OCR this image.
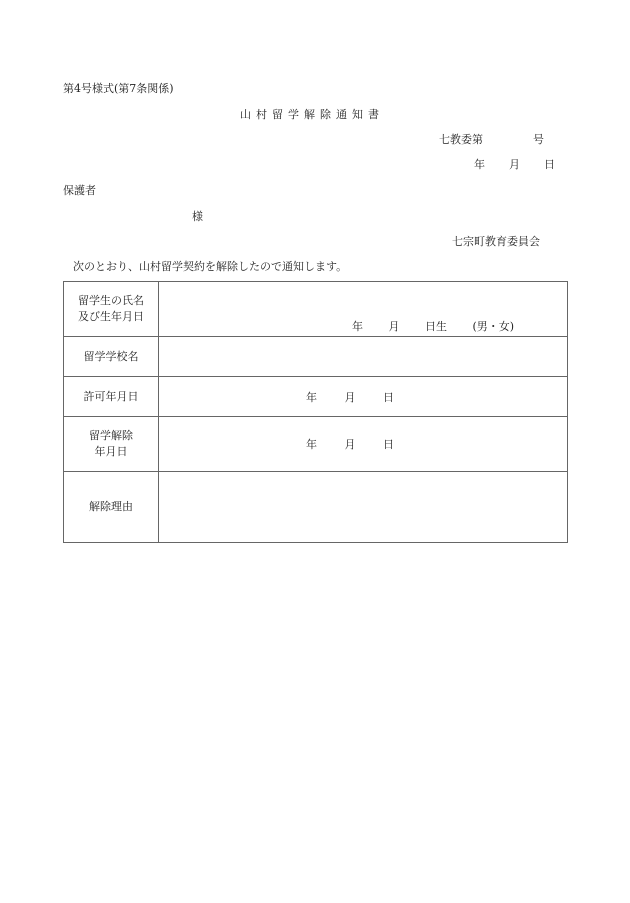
第4号様式(第7条関係)
山村留学解除通知書
七教委第	号
年 月 日
保護者
様
七宗町教育委員会
次のとおり、山村留学契約を解除したので通知します。
留学生の氏名
及び生年月日	年 月 日生 (男・女)

留学学校名	
許可年月日	年 月 日

留学解除
年月日	年 月 日

解除理由	
